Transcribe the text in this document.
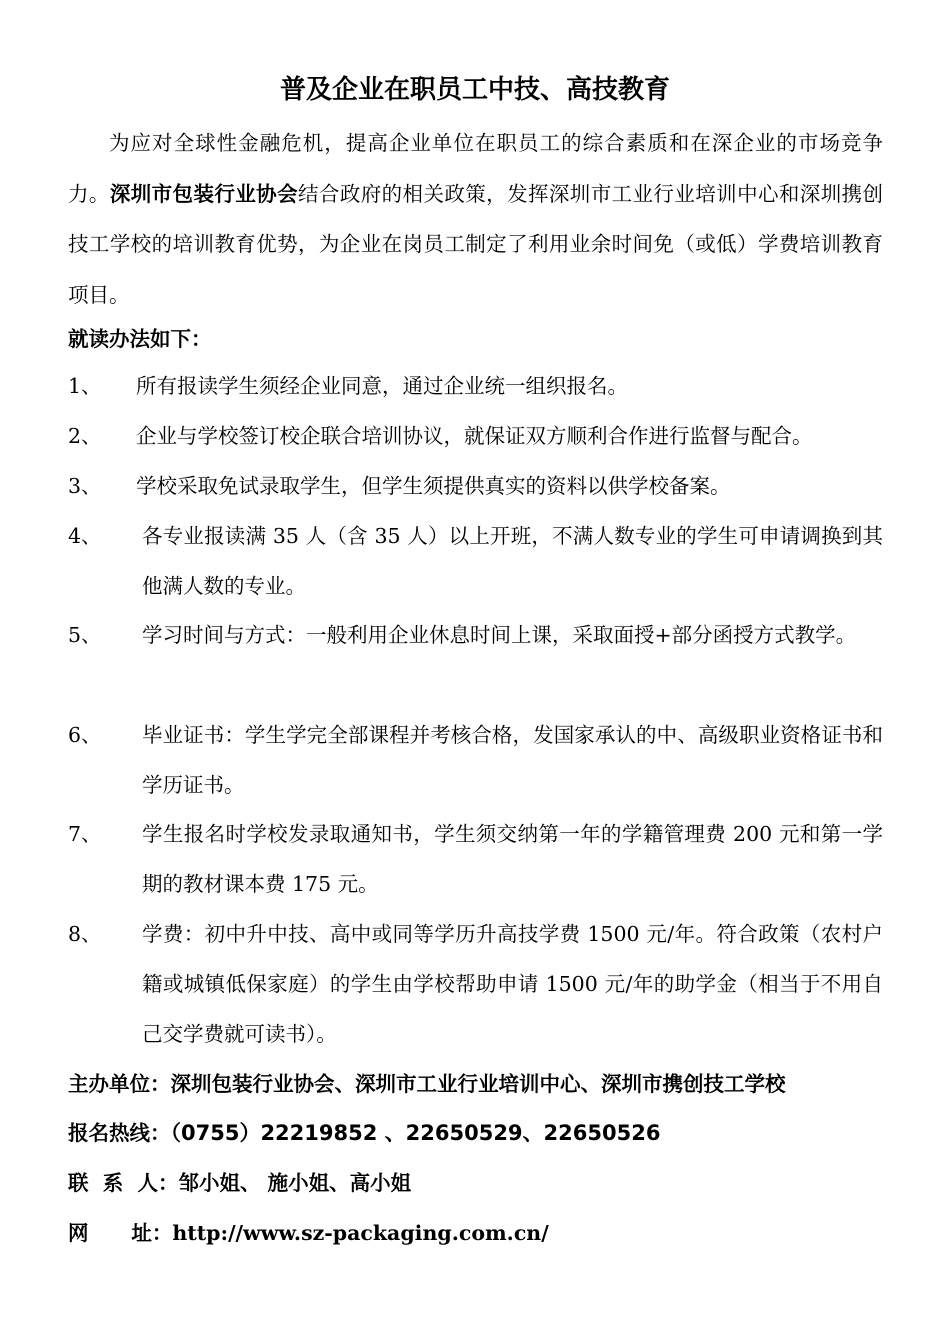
普及企业在职员工中技、高技教育

为应对全球性金融危机，提高企业单位在职员工的综合素质和在深企业的市场竞争力。深圳市包装行业协会结合政府的相关政策，发挥深圳市工业行业培训中心和深圳携创技工学校的培训教育优势，为企业在岗员工制定了利用业余时间免（或低）学费培训教育项目。

就读办法如下：
1、	所有报读学生须经企业同意，通过企业统一组织报名。
2、	企业与学校签订校企联合培训协议，就保证双方顺利合作进行监督与配合。
3、	学校采取免试录取学生，但学生须提供真实的资料以供学校备案。
4、	各专业报读满 35 人（含 35 人）以上开班，不满人数专业的学生可申请调换到其他满人数的专业。
5、	学习时间与方式：一般利用企业休息时间上课，采取面授+部分函授方式教学。
6、	毕业证书：学生学完全部课程并考核合格，发国家承认的中、高级职业资格证书和学历证书。
7、	学生报名时学校发录取通知书，学生须交纳第一年的学籍管理费 200 元和第一学期的教材课本费 175 元。
8、	学费：初中升中技、高中或同等学历升高技学费 1500 元/年。符合政策（农村户籍或城镇低保家庭）的学生由学校帮助申请 1500 元/年的助学金（相当于不用自己交学费就可读书）。
主办单位：深圳包装行业协会、深圳市工业行业培训中心、深圳市携创技工学校
报名热线：（0755）22219852 、22650529、22650526
联  系  人：邹小姐、 施小姐、高小姐
网      址：http://www.sz-packaging.com.cn/
